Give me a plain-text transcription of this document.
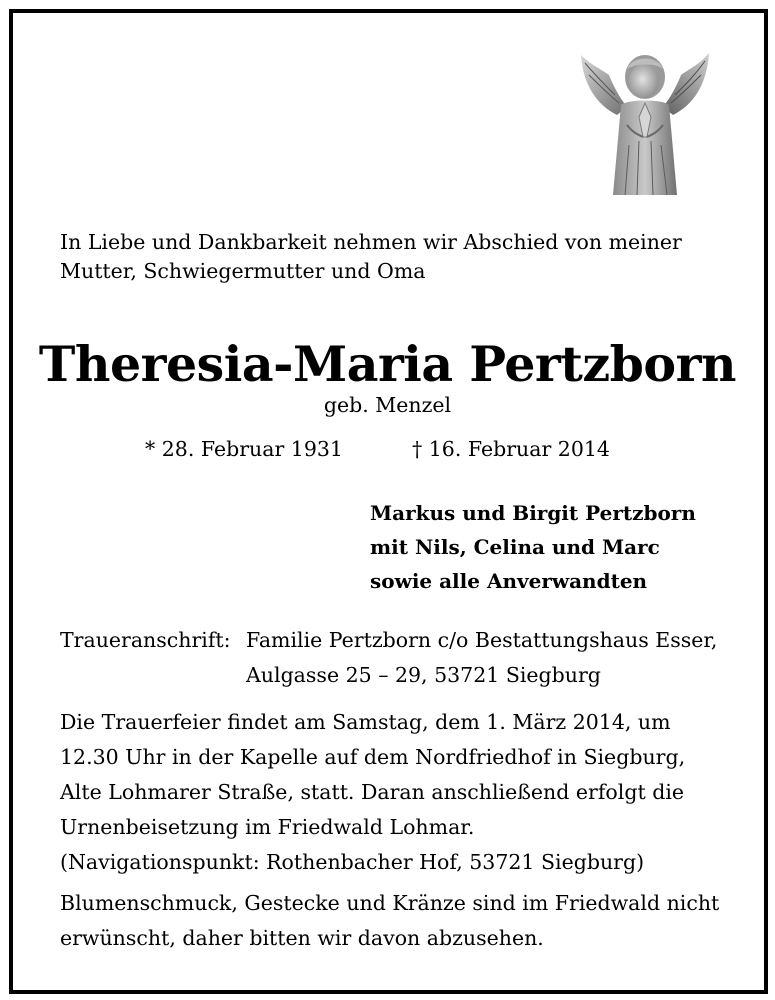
In Liebe und Dankbarkeit nehmen wir Abschied von meiner
Mutter, Schwiegermutter und Oma
Theresia-Maria Pertzborn
geb. Menzel
* 28. Februar 1931	† 16. Februar 2014
Markus und Birgit Pertzborn
mit Nils, Celina und Marc
sowie alle Anverwandten
Traueranschrift: Familie Pertzborn c/o Bestattungshaus Esser,
Aulgasse 25 – 29, 53721 Siegburg
Die Trauerfeier findet am Samstag, dem 1. März 2014, um
12.30 Uhr in der Kapelle auf dem Nordfriedhof in Siegburg,
Alte Lohmarer Straße, statt. Daran anschließend erfolgt die
Urnenbeisetzung im Friedwald Lohmar.
(Navigationspunkt: Rothenbacher Hof, 53721 Siegburg)
Blumenschmuck, Gestecke und Kränze sind im Friedwald nicht
erwünscht, daher bitten wir davon abzusehen.
